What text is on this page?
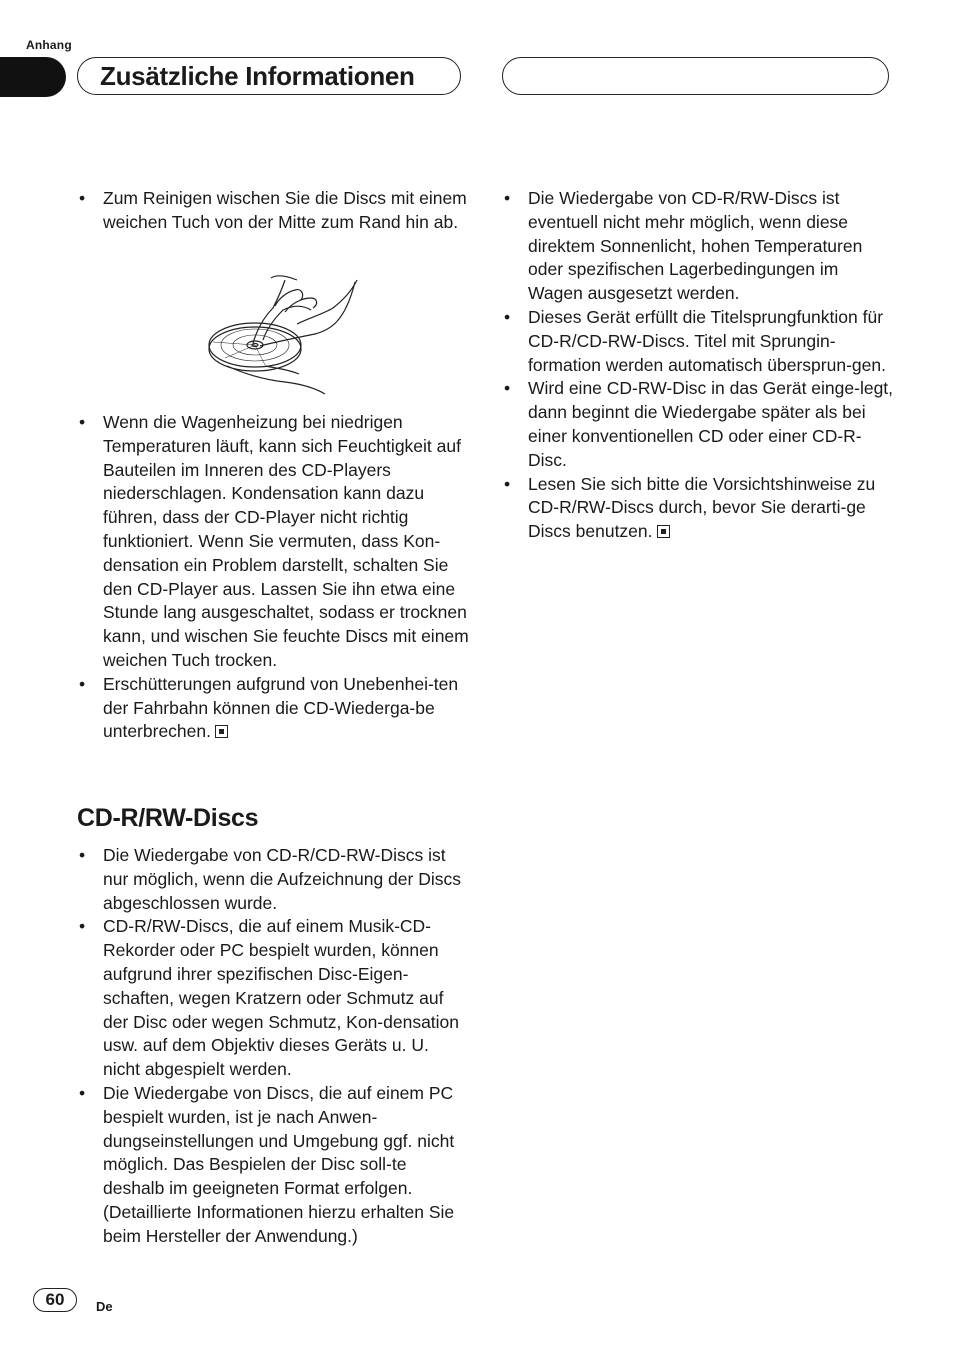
Anhang
Zusätzliche Informationen
• Zum Reinigen wischen Sie die Discs mit einem weichen Tuch von der Mitte zum Rand hin ab.
• Wenn die Wagenheizung bei niedrigen Temperaturen läuft, kann sich Feuchtigkeit auf Bauteilen im Inneren des CD-Players niederschlagen. Kondensation kann dazu führen, dass der CD-Player nicht richtig funktioniert. Wenn Sie vermuten, dass Kon-densation ein Problem darstellt, schalten Sie den CD-Player aus. Lassen Sie ihn etwa eine Stunde lang ausgeschaltet, sodass er trocknen kann, und wischen Sie feuchte Discs mit einem weichen Tuch trocken.
• Erschütterungen aufgrund von Unebenhei-ten der Fahrbahn können die CD-Wiederga-be unterbrechen.
CD-R/RW-Discs
• Die Wiedergabe von CD-R/CD-RW-Discs ist nur möglich, wenn die Aufzeichnung der Discs abgeschlossen wurde.
• CD-R/RW-Discs, die auf einem Musik-CD-Rekorder oder PC bespielt wurden, können aufgrund ihrer spezifischen Disc-Eigen-schaften, wegen Kratzern oder Schmutz auf der Disc oder wegen Schmutz, Kon-densation usw. auf dem Objektiv dieses Geräts u. U. nicht abgespielt werden.
• Die Wiedergabe von Discs, die auf einem PC bespielt wurden, ist je nach Anwen-dungseinstellungen und Umgebung ggf. nicht möglich. Das Bespielen der Disc soll-te deshalb im geeigneten Format erfolgen. (Detaillierte Informationen hierzu erhalten Sie beim Hersteller der Anwendung.)
• Die Wiedergabe von CD-R/RW-Discs ist eventuell nicht mehr möglich, wenn diese direktem Sonnenlicht, hohen Temperaturen oder spezifischen Lagerbedingungen im Wagen ausgesetzt werden.
• Dieses Gerät erfüllt die Titelsprungfunktion für CD-R/CD-RW-Discs. Titel mit Sprungin-formation werden automatisch übersprun-gen.
• Wird eine CD-RW-Disc in das Gerät einge-legt, dann beginnt die Wiedergabe später als bei einer konventionellen CD oder einer CD-R-Disc.
• Lesen Sie sich bitte die Vorsichtshinweise zu CD-R/RW-Discs durch, bevor Sie derarti-ge Discs benutzen.
60	De
